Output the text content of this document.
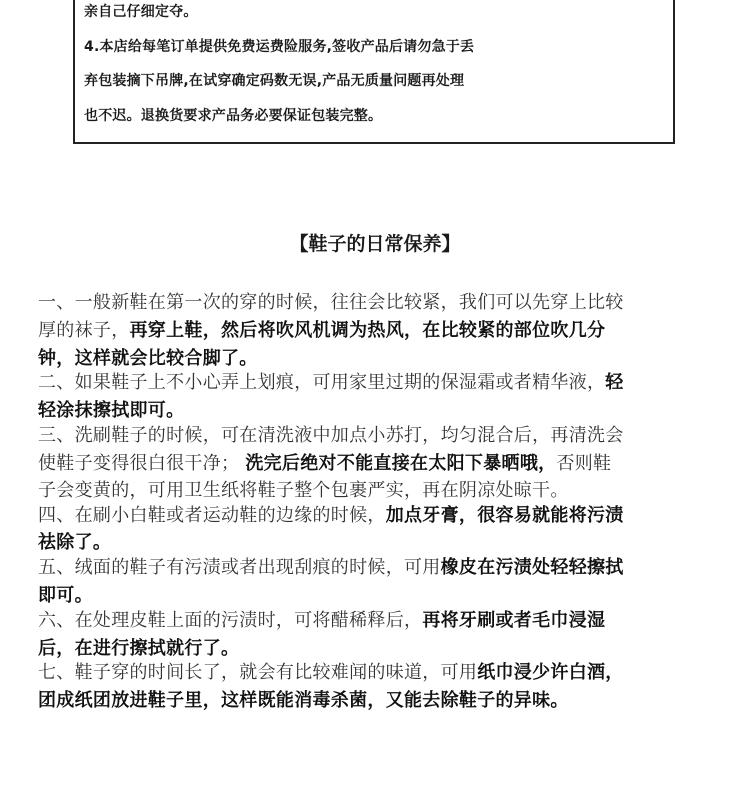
亲自己仔细定夺。
4.本店给每笔订单提供免费运费险服务,签收产品后请勿急于丢
弃包装摘下吊牌,在试穿确定码数无误,产品无质量问题再处理
也不迟。退换货要求产品务必要保证包装完整。
【鞋子的日常保养】
一、一般新鞋在第一次的穿的时候，往往会比较紧，我们可以先穿上比较
厚的袜子，再穿上鞋，然后将吹风机调为热风，在比较紧的部位吹几分
钟，这样就会比较合脚了。
二、如果鞋子上不小心弄上划痕，可用家里过期的保湿霜或者精华液，轻
轻涂抹擦拭即可。
三、洗刷鞋子的时候，可在清洗液中加点小苏打，均匀混合后，再清洗会
使鞋子变得很白很干净； 洗完后绝对不能直接在太阳下暴晒哦，否则鞋
子会变黄的，可用卫生纸将鞋子整个包裹严实，再在阴凉处晾干。
四、在刷小白鞋或者运动鞋的边缘的时候，加点牙膏，很容易就能将污渍
祛除了。
五、绒面的鞋子有污渍或者出现刮痕的时候，可用橡皮在污渍处轻轻擦拭
即可。
六、在处理皮鞋上面的污渍时，可将醋稀释后，再将牙刷或者毛巾浸湿
后，在进行擦拭就行了。
七、鞋子穿的时间长了，就会有比较难闻的味道，可用纸巾浸少许白酒，
团成纸团放进鞋子里，这样既能消毒杀菌，又能去除鞋子的异味。
